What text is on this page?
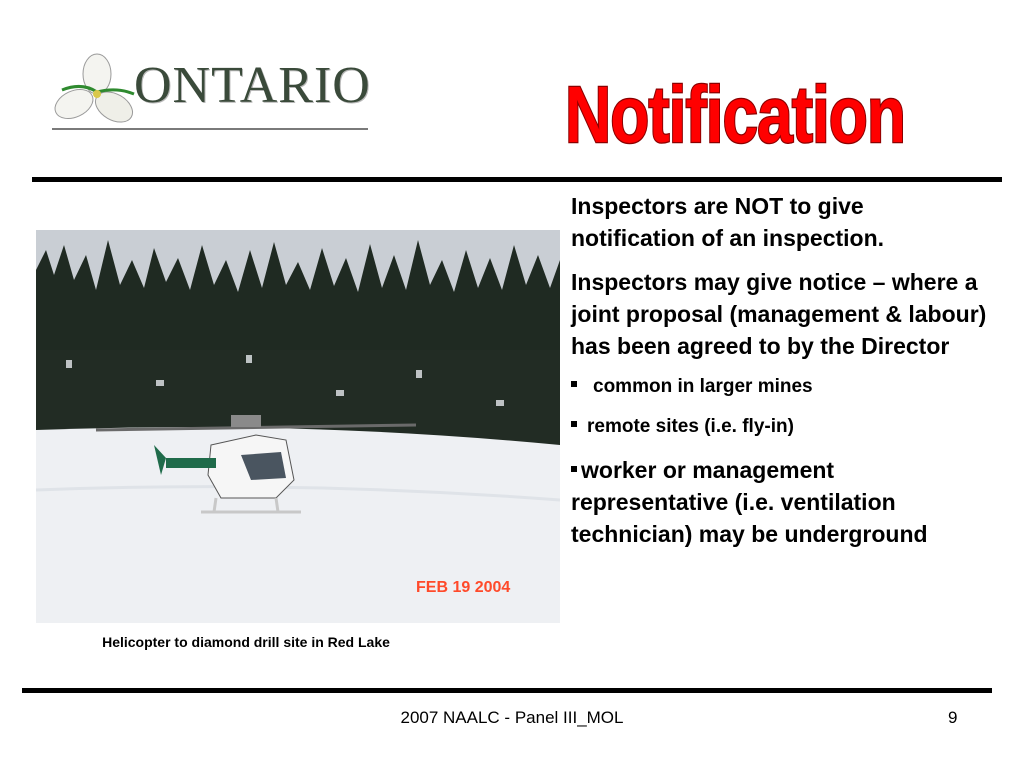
ONTARIO	Notification
FEB 19 2004
Helicopter to diamond drill site in Red Lake

Inspectors are NOT to give notification of an inspection.

Inspectors may give notice – where a joint proposal (management & labour) has been agreed to by the Director

common in larger mines

remote sites (i.e. fly-in)

worker or management representative (i.e. ventilation technician) may be underground

2007 NAALC - Panel III_MOL	9
